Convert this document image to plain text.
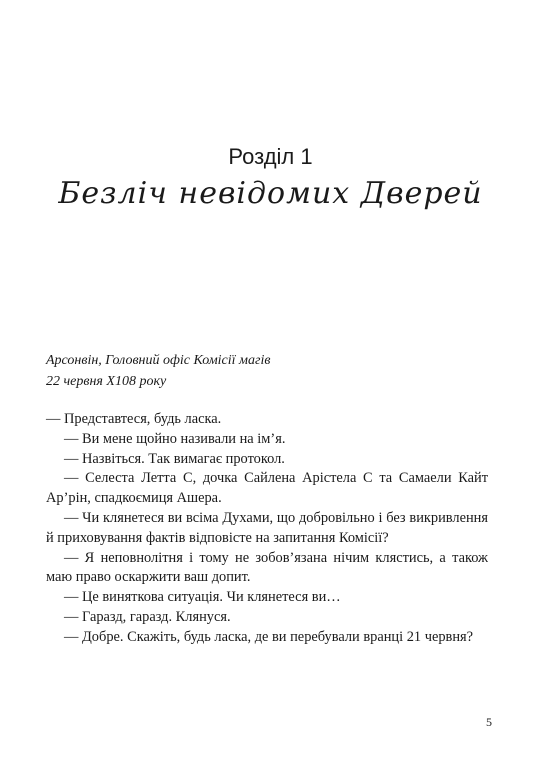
Розділ 1
Безліч невідомих Дверей
Арсонвін, Головний офіс Комісії магів
22 червня Х108 року

— Представтеся, будь ласка.

— Ви мене щойно називали на ім’я.

— Назвіться. Так вимагає протокол.

— Селеста Летта С, дочка Сайлена Арістела С та Самаели Кайт Ар’рін, спадкоємиця Ашера.

— Чи клянетеся ви всіма Духами, що добровільно і без викривлення й приховування фактів відповісте на запитання Комісії?

— Я неповнолітня і тому не зобов’язана нічим клястись, а також маю право оскаржити ваш допит.

— Це виняткова ситуація. Чи клянетеся ви…

— Гаразд, гаразд. Клянуся.

— Добре. Скажіть, будь ласка, де ви перебували вранці 21 червня?

5
